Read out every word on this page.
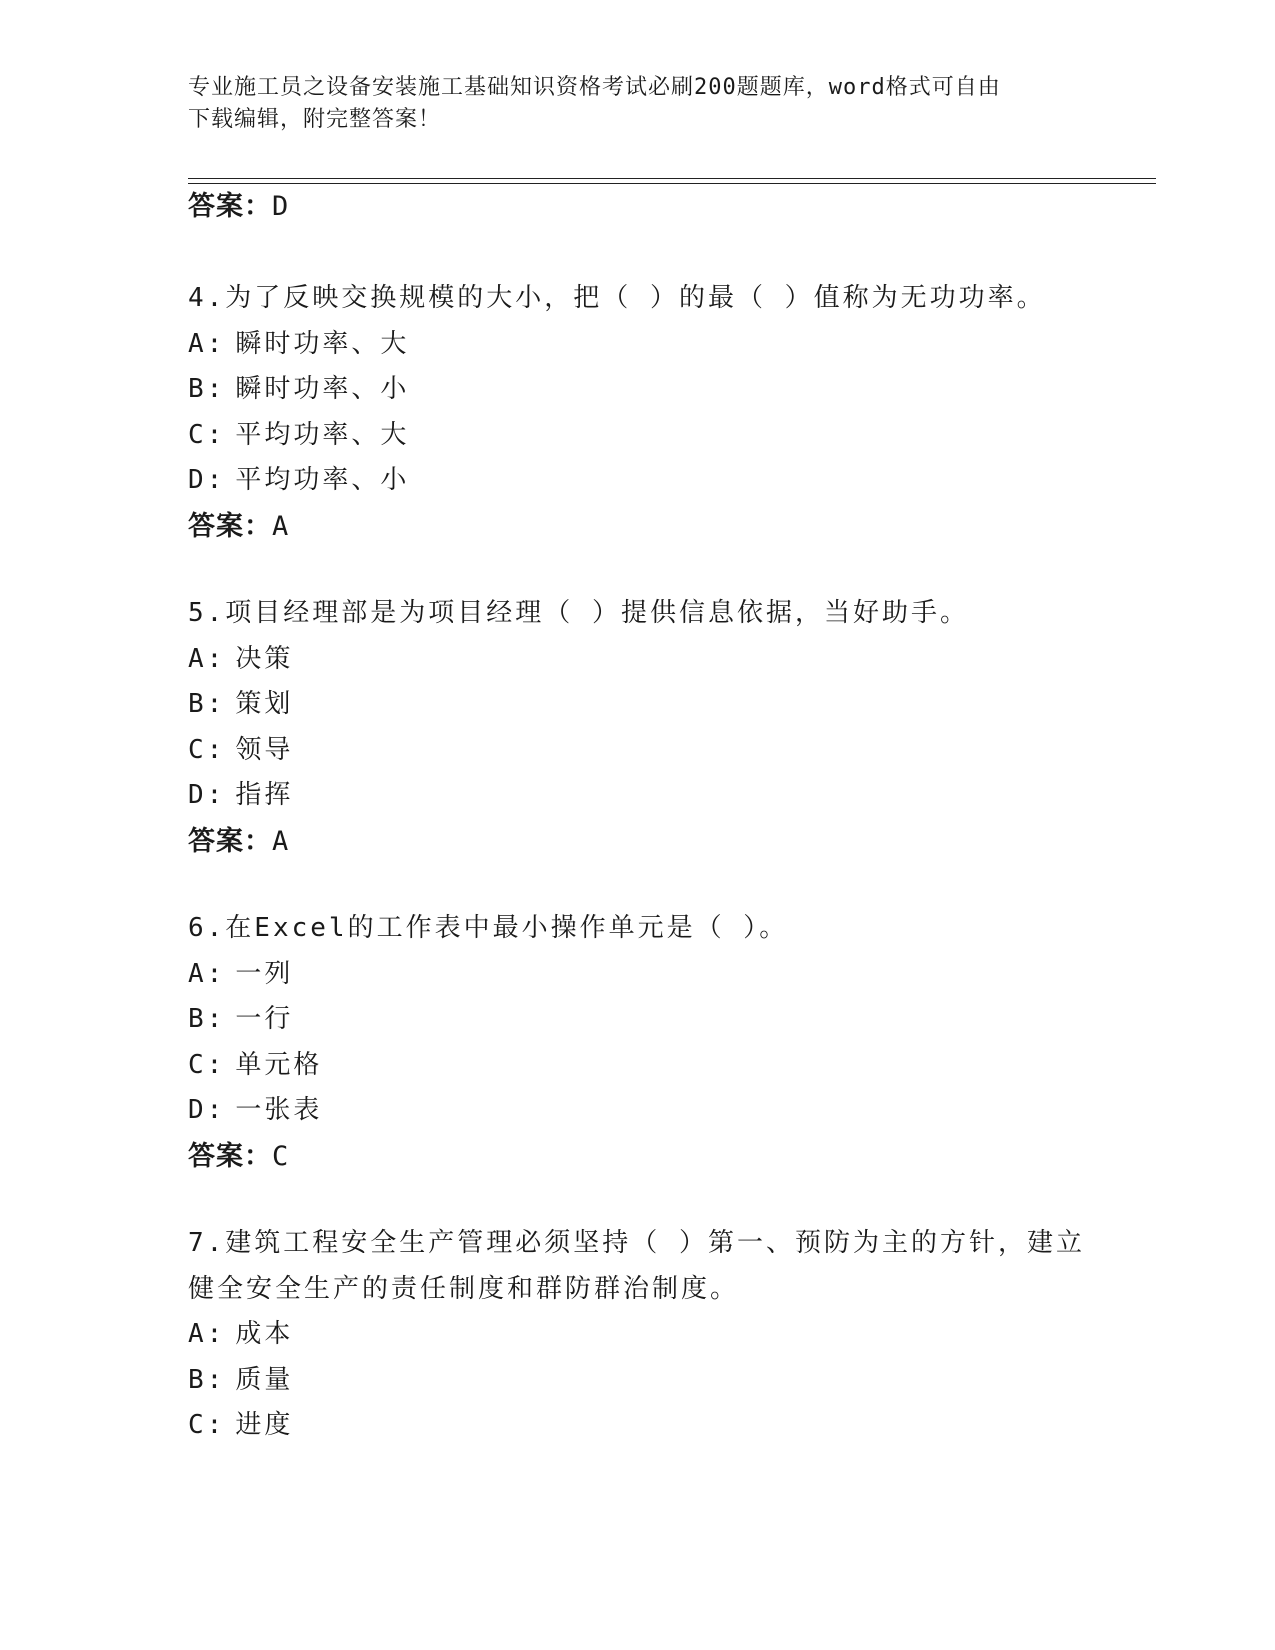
专业施工员之设备安装施工基础知识资格考试必刷200题题库，word格式可自由
下载编辑，附完整答案！
答案：D
4.为了反映交换规模的大小，把（ ）的最（ ）值称为无功功率。
A: 瞬时功率、大
B: 瞬时功率、小
C: 平均功率、大
D: 平均功率、小
答案：A
5.项目经理部是为项目经理（ ）提供信息依据，当好助手。
A: 决策
B: 策划
C: 领导
D: 指挥
答案：A
6.在Excel的工作表中最小操作单元是（ ）。
A: 一列
B: 一行
C: 单元格
D: 一张表
答案：C
7.建筑工程安全生产管理必须坚持（ ）第一、预防为主的方针，建立
健全安全生产的责任制度和群防群治制度。
A: 成本
B: 质量
C: 进度
